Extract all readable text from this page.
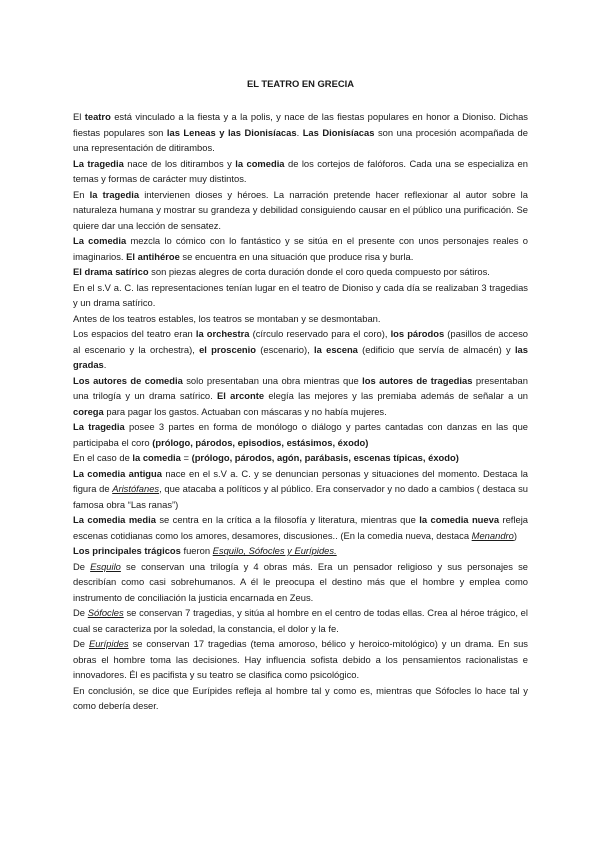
EL TEATRO EN GRECIA

El teatro está vinculado a la fiesta y a la polis, y nace de las fiestas populares en honor a Dioniso. Dichas fiestas populares son las Leneas y las Dionisíacas. Las Dionisíacas son una procesión acompañada de una representación de ditirambos.

La tragedia nace de los ditirambos y la comedia de los cortejos de falóforos. Cada una se especializa en temas y formas de carácter muy distintos.

En la tragedia intervienen dioses y héroes. La narración pretende hacer reflexionar al autor sobre la naturaleza humana y mostrar su grandeza y debilidad consiguiendo causar en el público una purificación. Se quiere dar una lección de sensatez.

La comedia mezcla lo cómico con lo fantástico y se sitúa en el presente con unos personajes reales o imaginarios. El antihéroe se encuentra en una situación que produce risa y burla.

El drama satírico son piezas alegres de corta duración donde el coro queda compuesto por sátiros.

En el s.V a. C. las representaciones tenían lugar en el teatro de Dioniso y cada día se realizaban 3 tragedias y un drama satírico.

Antes de los teatros estables, los teatros se montaban y se desmontaban.

Los espacios del teatro eran la orchestra (círculo reservado para el coro), los párodos (pasillos de acceso al escenario y la orchestra), el proscenio (escenario), la escena (edificio que servía de almacén) y las gradas.

Los autores de comedia solo presentaban una obra mientras que los autores de tragedias presentaban una trilogía y un drama satírico. El arconte elegía las mejores y las premiaba además de señalar a un corega para pagar los gastos. Actuaban con máscaras y no había mujeres.

La tragedia posee 3 partes en forma de monólogo o diálogo y partes cantadas con danzas en las que participaba el coro (prólogo, párodos, episodios, estásimos, éxodo)

En el caso de la comedia = (prólogo, párodos, agón, parábasis, escenas típicas, éxodo)

La comedia antigua nace en el s.V a. C. y se denuncian personas y situaciones del momento. Destaca la figura de Aristófanes, que atacaba a políticos y al público. Era conservador y no dado a cambios ( destaca su famosa obra “Las ranas”)

La comedia media se centra en la crítica a la filosofía y literatura, mientras que la comedia nueva refleja escenas cotidianas como los amores, desamores, discusiones.. (En la comedia nueva, destaca Menandro)

Los principales trágicos fueron Esquilo, Sófocles y Eurípides.

De Esquilo se conservan una trilogía y 4 obras más. Era un pensador religioso y sus personajes se describían como casi sobrehumanos. A él le preocupa el destino más que el hombre y emplea como instrumento de conciliación la justicia encarnada en Zeus.

De Sófocles se conservan 7 tragedias, y sitúa al hombre en el centro de todas ellas. Crea al héroe trágico, el cual se caracteriza por la soledad, la constancia, el dolor y la fe.

De Eurípides se conservan 17 tragedias (tema amoroso, bélico y heroico-mitológico) y un drama. En sus obras el hombre toma las decisiones. Hay influencia sofista debido a los pensamientos racionalistas e innovadores. Él es pacifista y su teatro se clasifica como psicológico.

En conclusión, se dice que Eurípides refleja al hombre tal y como es, mientras que Sófocles lo hace tal y como debería deser.
